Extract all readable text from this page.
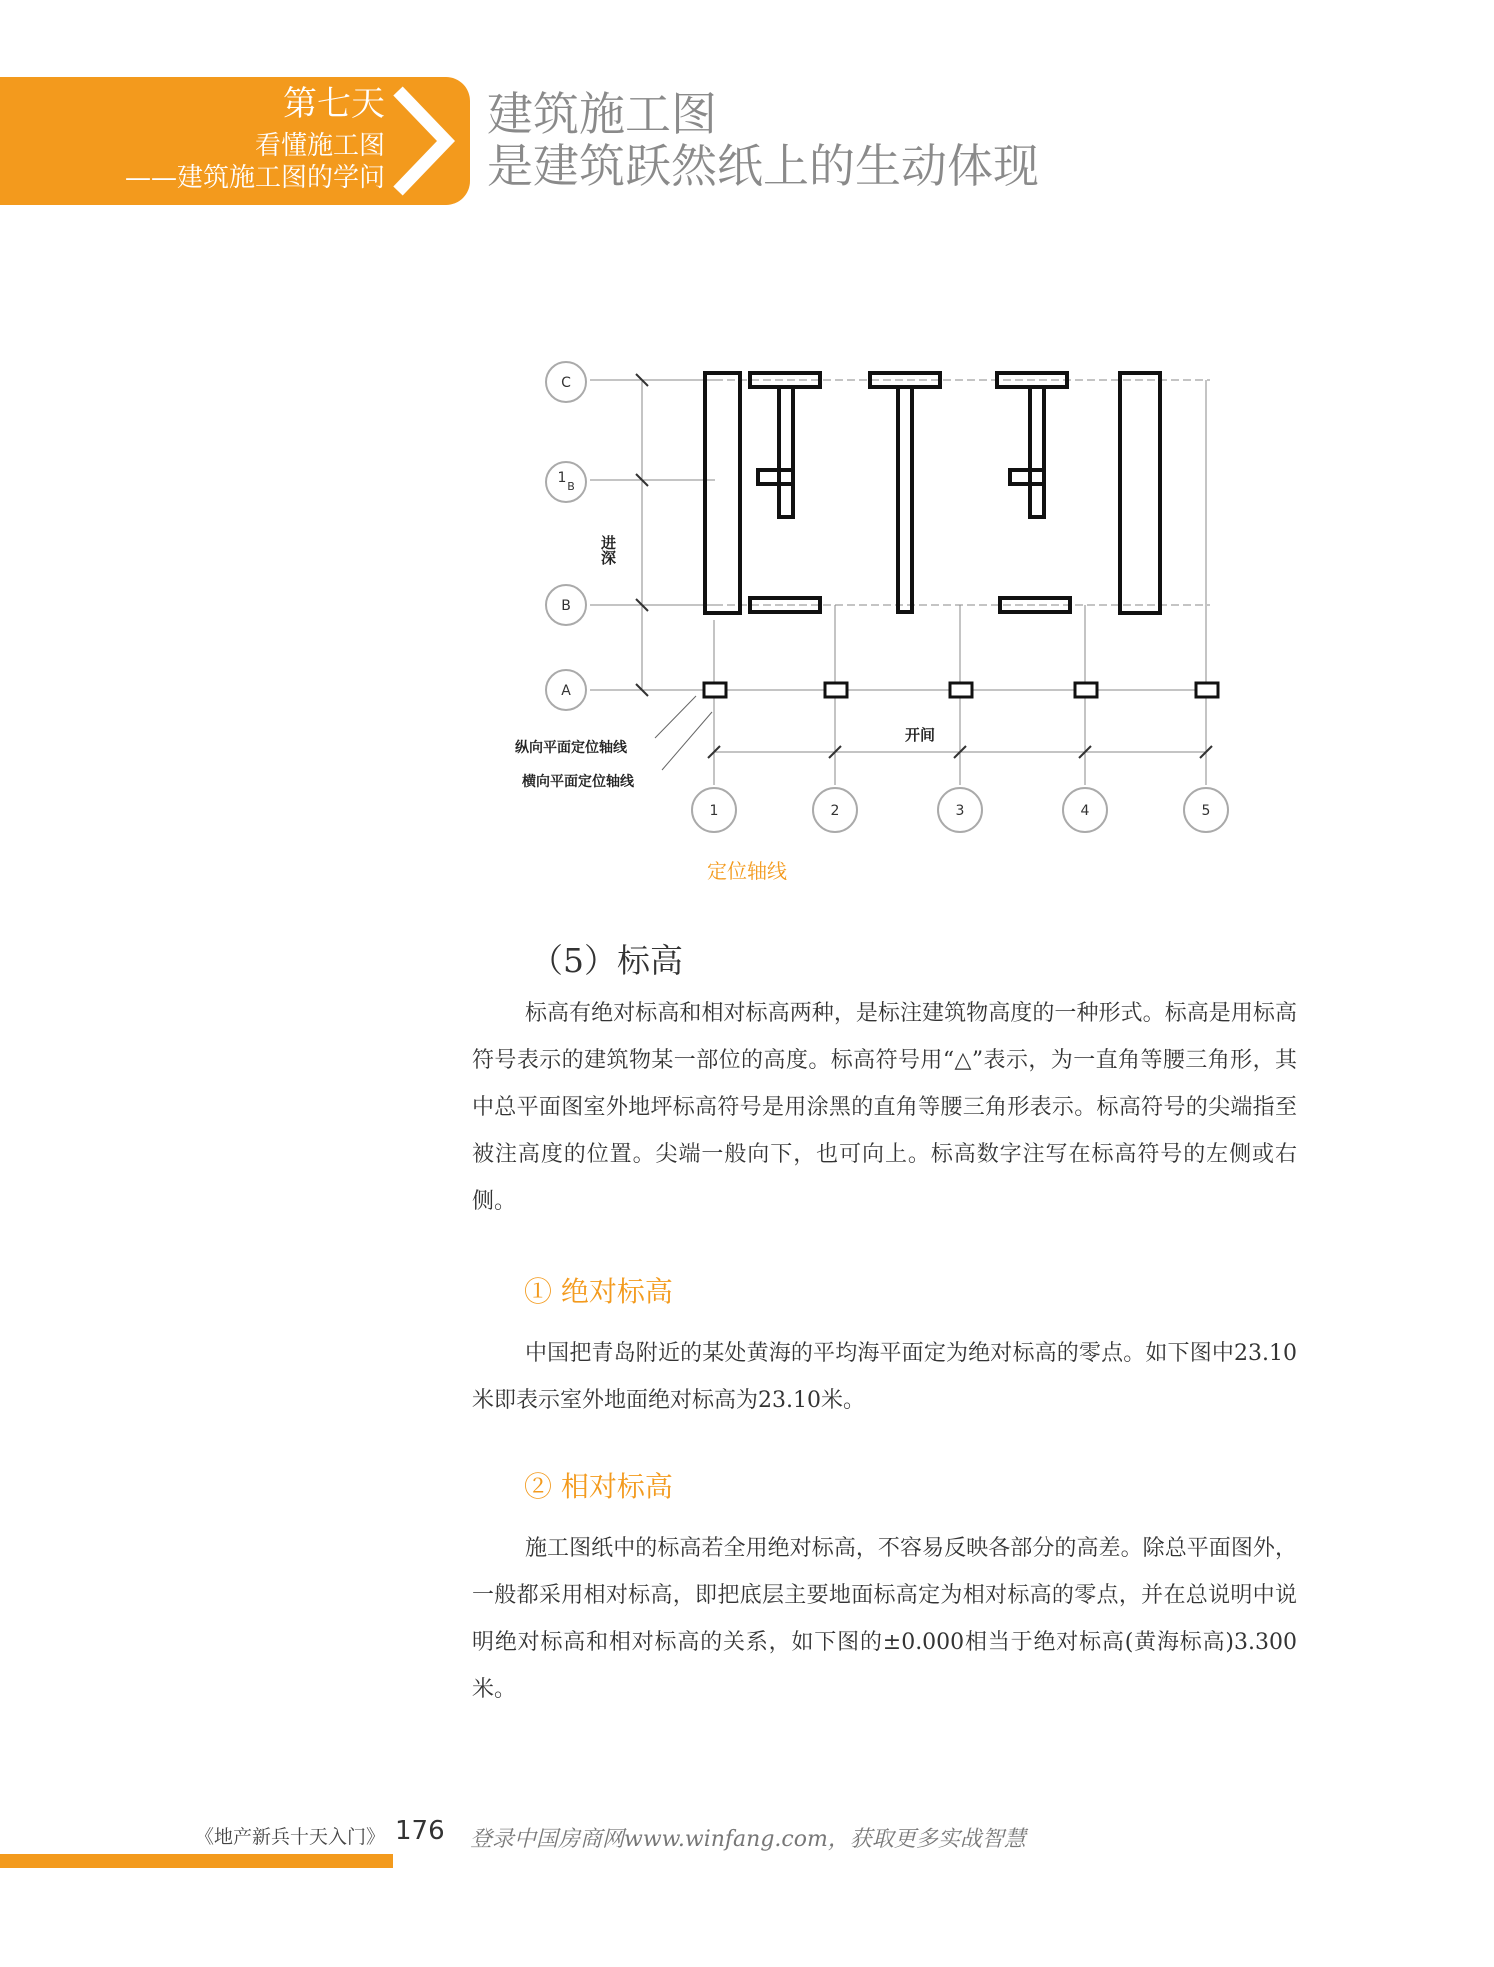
第七天
看懂施工图
——建筑施工图的学问
建筑施工图
是建筑跃然纸上的生动体现
C
1
B
B
A
1	2	3	4	5
进深
开间
纵向平面定位轴线
横向平面定位轴线
定位轴线
（5）标高
标高有绝对标高和相对标高两种，是标注建筑物高度的一种形式。标高是用标高符号表示的建筑物某一部位的高度。标高符号用“△”表示，为一直角等腰三角形，其中总平面图室外地坪标高符号是用涂黑的直角等腰三角形表示。标高符号的尖端指至被注高度的位置。尖端一般向下，也可向上。标高数字注写在标高符号的左侧或右侧。
① 绝对标高
中国把青岛附近的某处黄海的平均海平面定为绝对标高的零点。如下图中23.10米即表示室外地面绝对标高为23.10米。
② 相对标高
施工图纸中的标高若全用绝对标高，不容易反映各部分的高差。除总平面图外，一般都采用相对标高，即把底层主要地面标高定为相对标高的零点，并在总说明中说明绝对标高和相对标高的关系，如下图的±0.000相当于绝对标高(黄海标高)3.300米。
《地产新兵十天入门》 176 登录中国房商网www.winfang.com，获取更多实战智慧
